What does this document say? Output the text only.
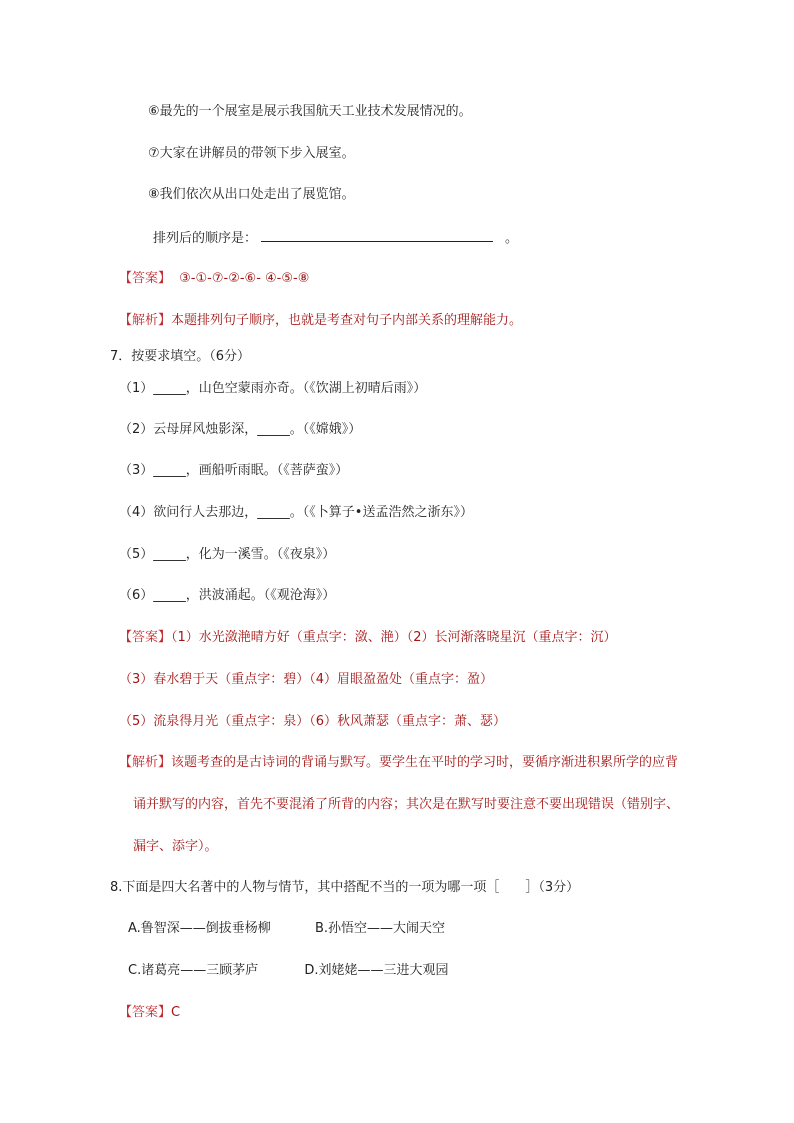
⑥最先的一个展室是展示我国航天工业技术发展情况的。
⑦大家在讲解员的带领下步入展室。
⑧我们依次从出口处走出了展览馆。
排列后的顺序是：	。
【答案】 ③-①-⑦-②-⑥- ④-⑤-⑧
【解析】本题排列句子顺序，也就是考查对句子内部关系的理解能力。
7．按要求填空。（6分）
（1）_____，山色空蒙雨亦奇。（《饮湖上初晴后雨》）
（2）云母屏风烛影深，_____。（《嫦娥》）
（3）_____，画船听雨眠。（《菩萨蛮》）
（4）欲问行人去那边，_____。（《卜算子•送孟浩然之浙东》）
（5）_____，化为一溪雪。（《夜泉》）
（6）_____，洪波涌起。（《观沧海》）
【答案】（1）水光潋滟晴方好（重点字：潋、滟）（2）长河渐落晓星沉（重点字：沉）
（3）春水碧于天（重点字：碧）（4）眉眼盈盈处（重点字：盈）
（5）流泉得月光（重点字：泉）（6）秋风萧瑟（重点字：萧、瑟）
【解析】该题考查的是古诗词的背诵与默写。要学生在平时的学习时，要循序渐进积累所学的应背
诵并默写的内容，首先不要混淆了所背的内容；其次是在默写时要注意不要出现错误（错别字、
漏字、添字）。
8.下面是四大名著中的人物与情节，其中搭配不当的一项为哪一项［　　］（3分）
A.鲁智深——倒拔垂杨柳	B.孙悟空——大闹天空
C.诸葛亮——三顾茅庐	D.刘姥姥——三进大观园
【答案】C
